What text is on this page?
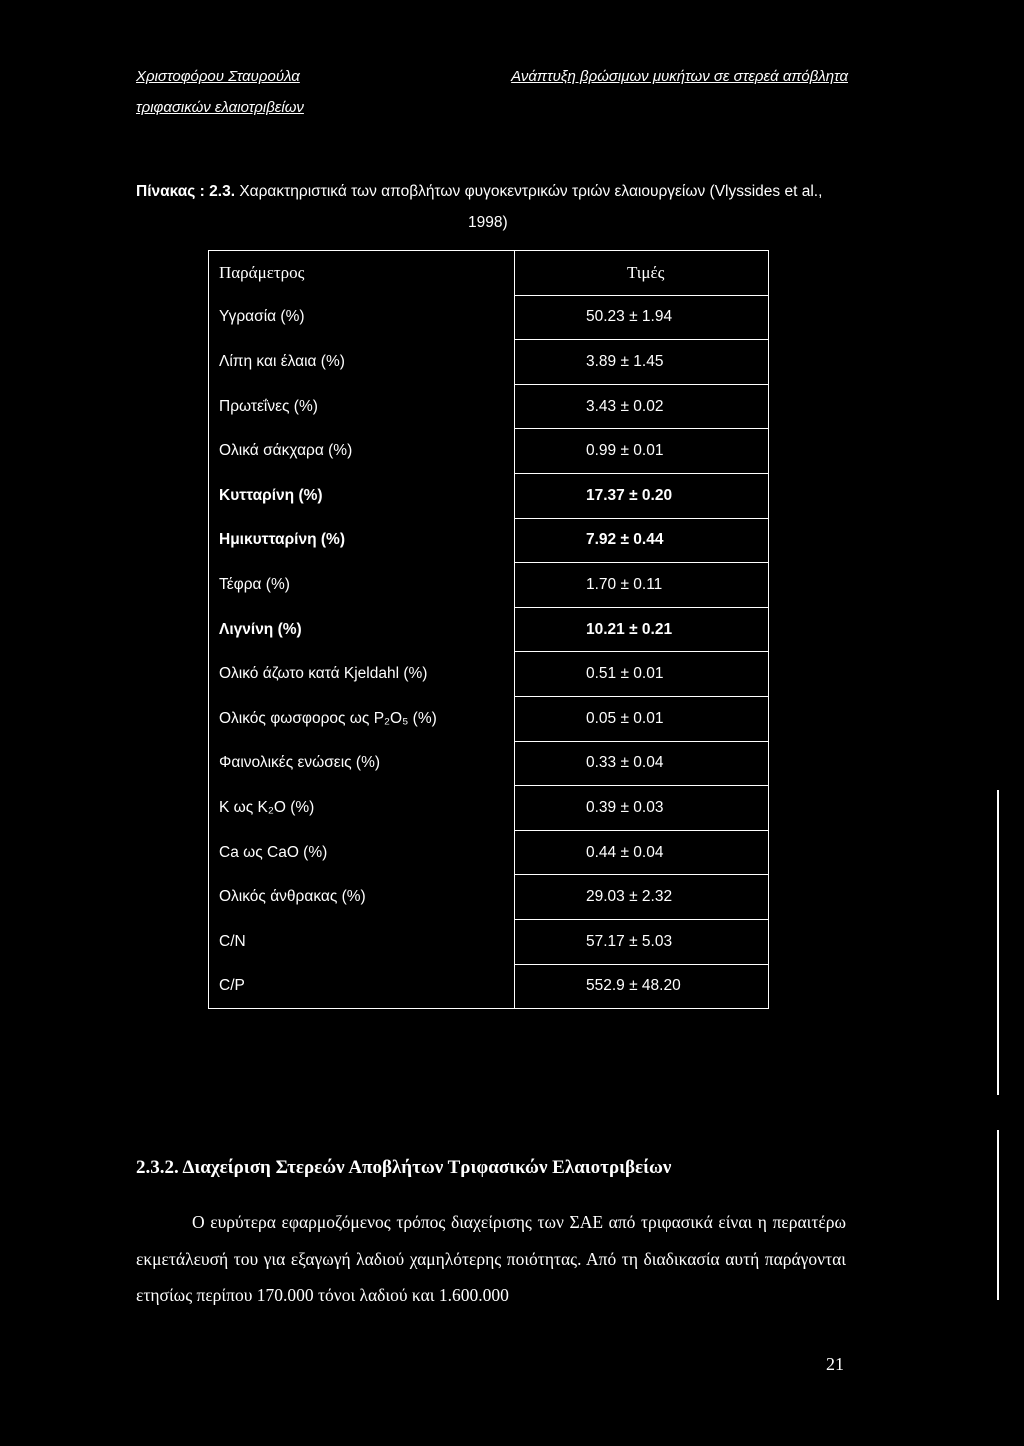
Χριστοφόρου Σταυρούλα	Ανάπτυξη βρώσιμων μυκήτων σε στερεά απόβλητα
τριφασικών ελαιοτριβείων
Πίνακας : 2.3. Χαρακτηριστικά των αποβλήτων φυγοκεντρικών τριών ελαιουργείων (Vlyssides et al.,
1998)
Παράμετρος	Τιμές
Υγρασία (%)	50.23 ± 1.94
Λίπη και έλαια (%)	3.89 ± 1.45
Πρωτεΐνες (%)	3.43 ± 0.02
Ολικά σάκχαρα (%)	0.99 ± 0.01
Κυτταρίνη (%)	17.37 ± 0.20
Ημικυτταρίνη (%)	7.92 ± 0.44
Τέφρα (%)	1.70 ± 0.11
Λιγνίνη (%)	10.21 ± 0.21
Ολικό άζωτο κατά Kjeldahl (%)	0.51 ± 0.01
Ολικός φωσφορος ως P₂O₅ (%)	0.05 ± 0.01
Φαινολικές ενώσεις (%)	0.33 ± 0.04
K ως K₂O (%)	0.39 ± 0.03
Ca ως CaO (%)	0.44 ± 0.04
Ολικός άνθρακας (%)	29.03 ± 2.32
C/N	57.17 ± 5.03
C/P	552.9 ± 48.20
2.3.2. Διαχείριση Στερεών Αποβλήτων Τριφασικών Ελαιοτριβείων
Ο ευρύτερα εφαρμοζόμενος τρόπος διαχείρισης των ΣΑΕ από τριφασικά είναι η περαιτέρω εκμετάλευσή του για εξαγωγή λαδιού χαμηλότερης ποιότητας. Από τη διαδικασία αυτή παράγονται ετησίως περίπου 170.000 τόνοι λαδιού και 1.600.000
21
